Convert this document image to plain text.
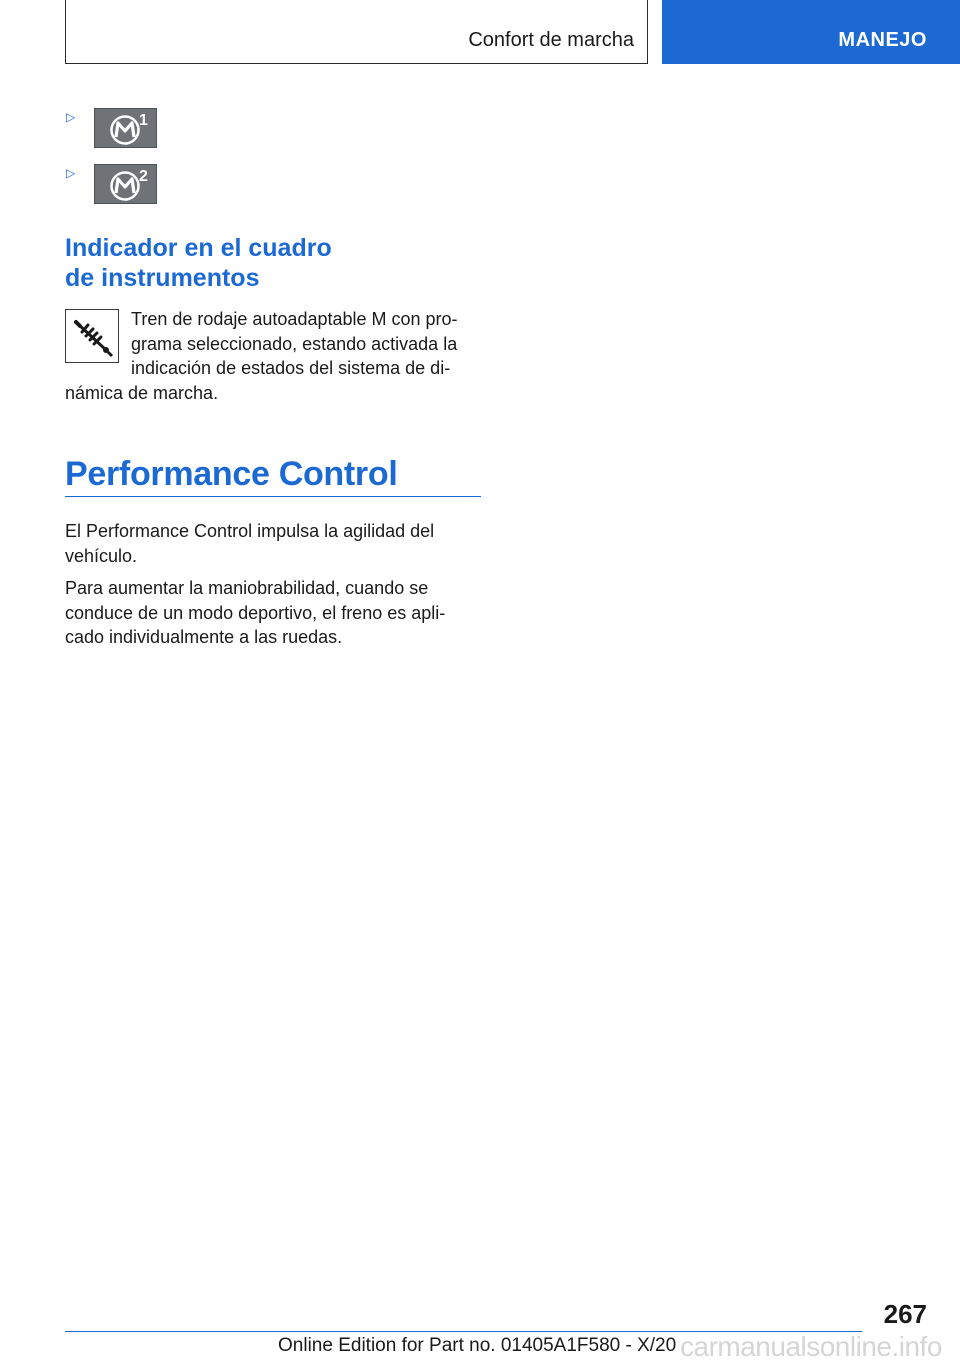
Confort de marcha	MANEJO
▷	1
▷	2
Indicador en el cuadro
de instrumentos
Tren de rodaje autoadaptable M con pro‐
grama seleccionado, estando activada la
indicación de estados del sistema de di‐
námica de marcha.
Performance Control
El Performance Control impulsa la agilidad del
vehículo.
Para aumentar la maniobrabilidad, cuando se
conduce de un modo deportivo, el freno es apli‐
cado individualmente a las ruedas.
267
Online Edition for Part no. 01405A1F580 - X/20 carmanualsonline.info
